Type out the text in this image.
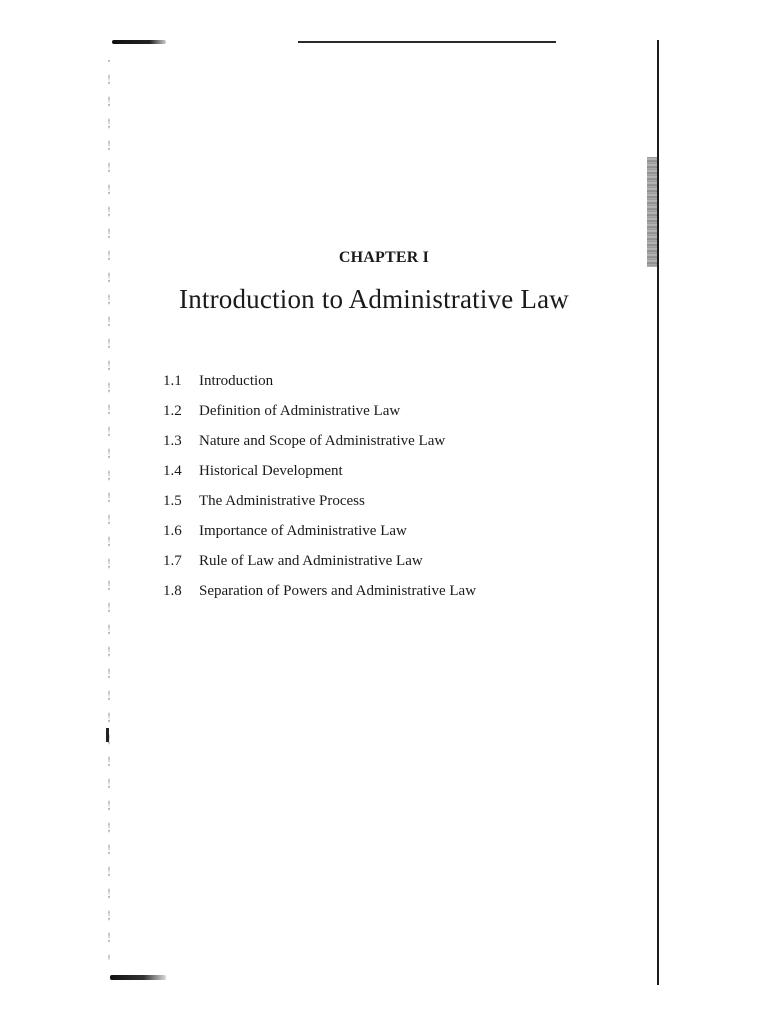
CHAPTER I
Introduction to Administrative Law
1.1	Introduction
1.2	Definition of Administrative Law
1.3	Nature and Scope of Administrative Law
1.4	Historical Development
1.5	The Administrative Process
1.6	Importance of Administrative Law
1.7	Rule of Law and Administrative Law
1.8	Separation of Powers and Administrative Law
